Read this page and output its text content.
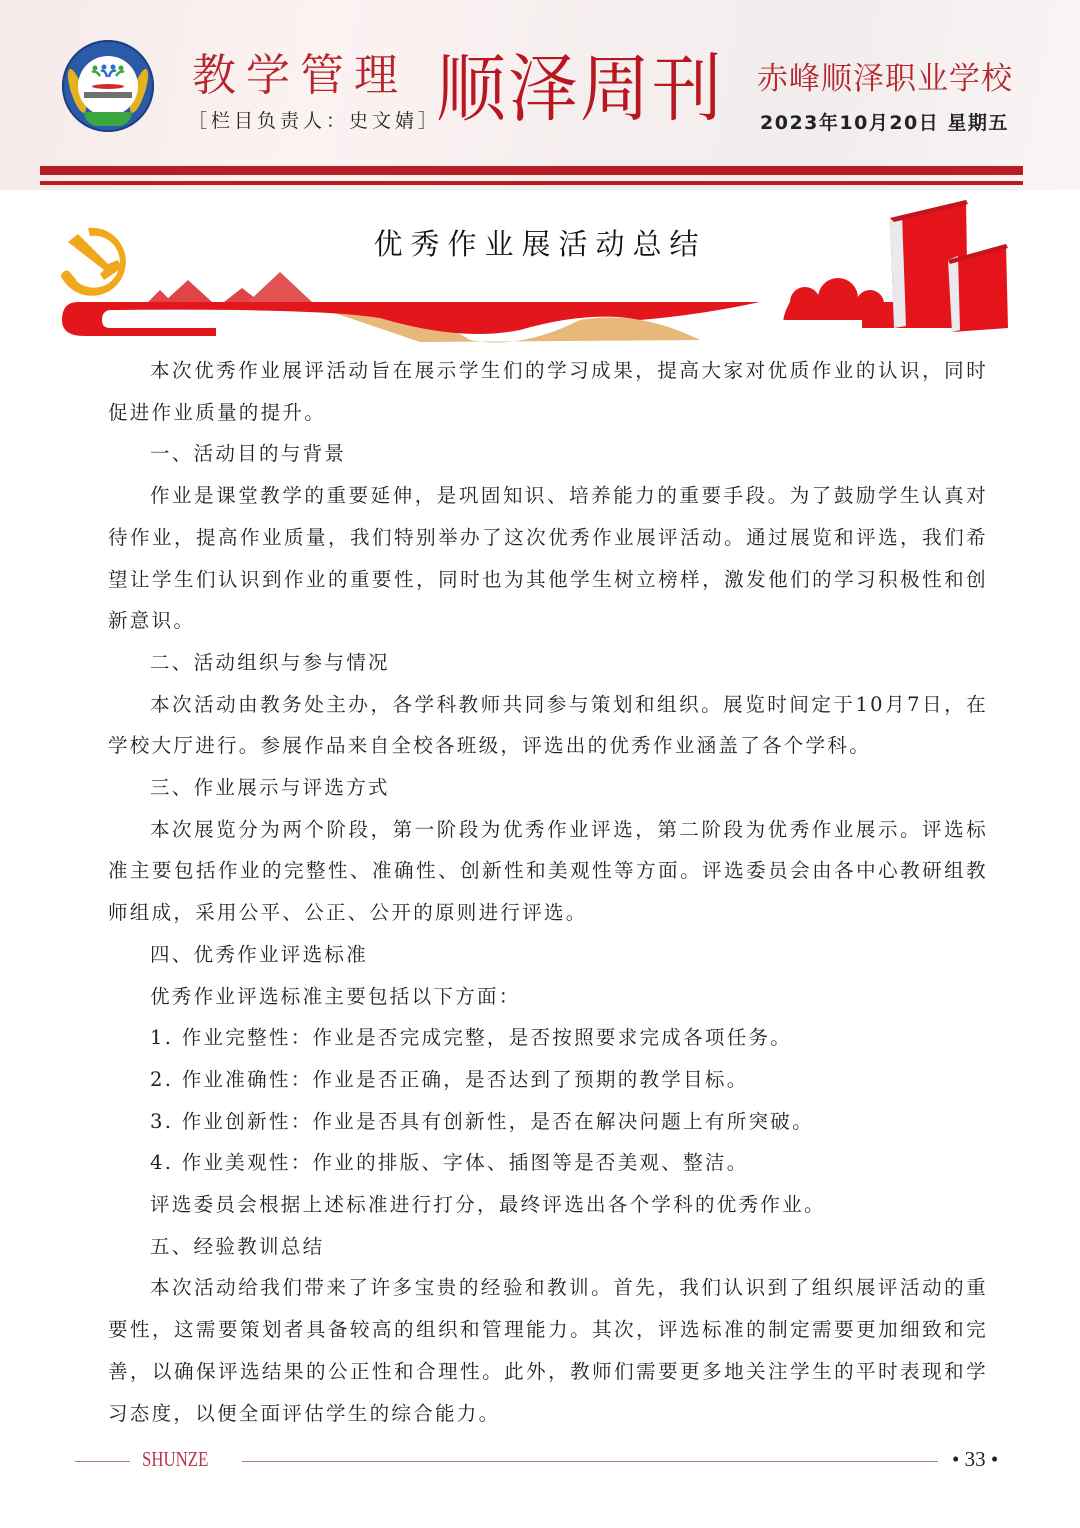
教学管理
［栏目负责人：史文婧］
顺泽周刊 赤峰顺泽职业学校
2023年10月20日 星期五
优秀作业展活动总结

本次优秀作业展评活动旨在展示学生们的学习成果，提高大家对优质作业的认识，同时促进作业质量的提升。

一、活动目的与背景

作业是课堂教学的重要延伸，是巩固知识、培养能力的重要手段。为了鼓励学生认真对待作业，提高作业质量，我们特别举办了这次优秀作业展评活动。通过展览和评选，我们希望让学生们认识到作业的重要性，同时也为其他学生树立榜样，激发他们的学习积极性和创新意识。

二、活动组织与参与情况

本次活动由教务处主办，各学科教师共同参与策划和组织。展览时间定于10月7日，在学校大厅进行。参展作品来自全校各班级，评选出的优秀作业涵盖了各个学科。

三、作业展示与评选方式

本次展览分为两个阶段，第一阶段为优秀作业评选，第二阶段为优秀作业展示。评选标准主要包括作业的完整性、准确性、创新性和美观性等方面。评选委员会由各中心教研组教师组成，采用公平、公正、公开的原则进行评选。

四、优秀作业评选标准

优秀作业评选标准主要包括以下方面：

1. 作业完整性：作业是否完成完整，是否按照要求完成各项任务。

2. 作业准确性：作业是否正确，是否达到了预期的教学目标。

3. 作业创新性：作业是否具有创新性，是否在解决问题上有所突破。

4. 作业美观性：作业的排版、字体、插图等是否美观、整洁。

评选委员会根据上述标准进行打分，最终评选出各个学科的优秀作业。

五、经验教训总结

本次活动给我们带来了许多宝贵的经验和教训。首先，我们认识到了组织展评活动的重要性，这需要策划者具备较高的组织和管理能力。其次，评选标准的制定需要更加细致和完善，以确保评选结果的公正性和合理性。此外，教师们需要更多地关注学生的平时表现和学习态度，以便全面评估学生的综合能力。

SHUNZE	• 33 •
